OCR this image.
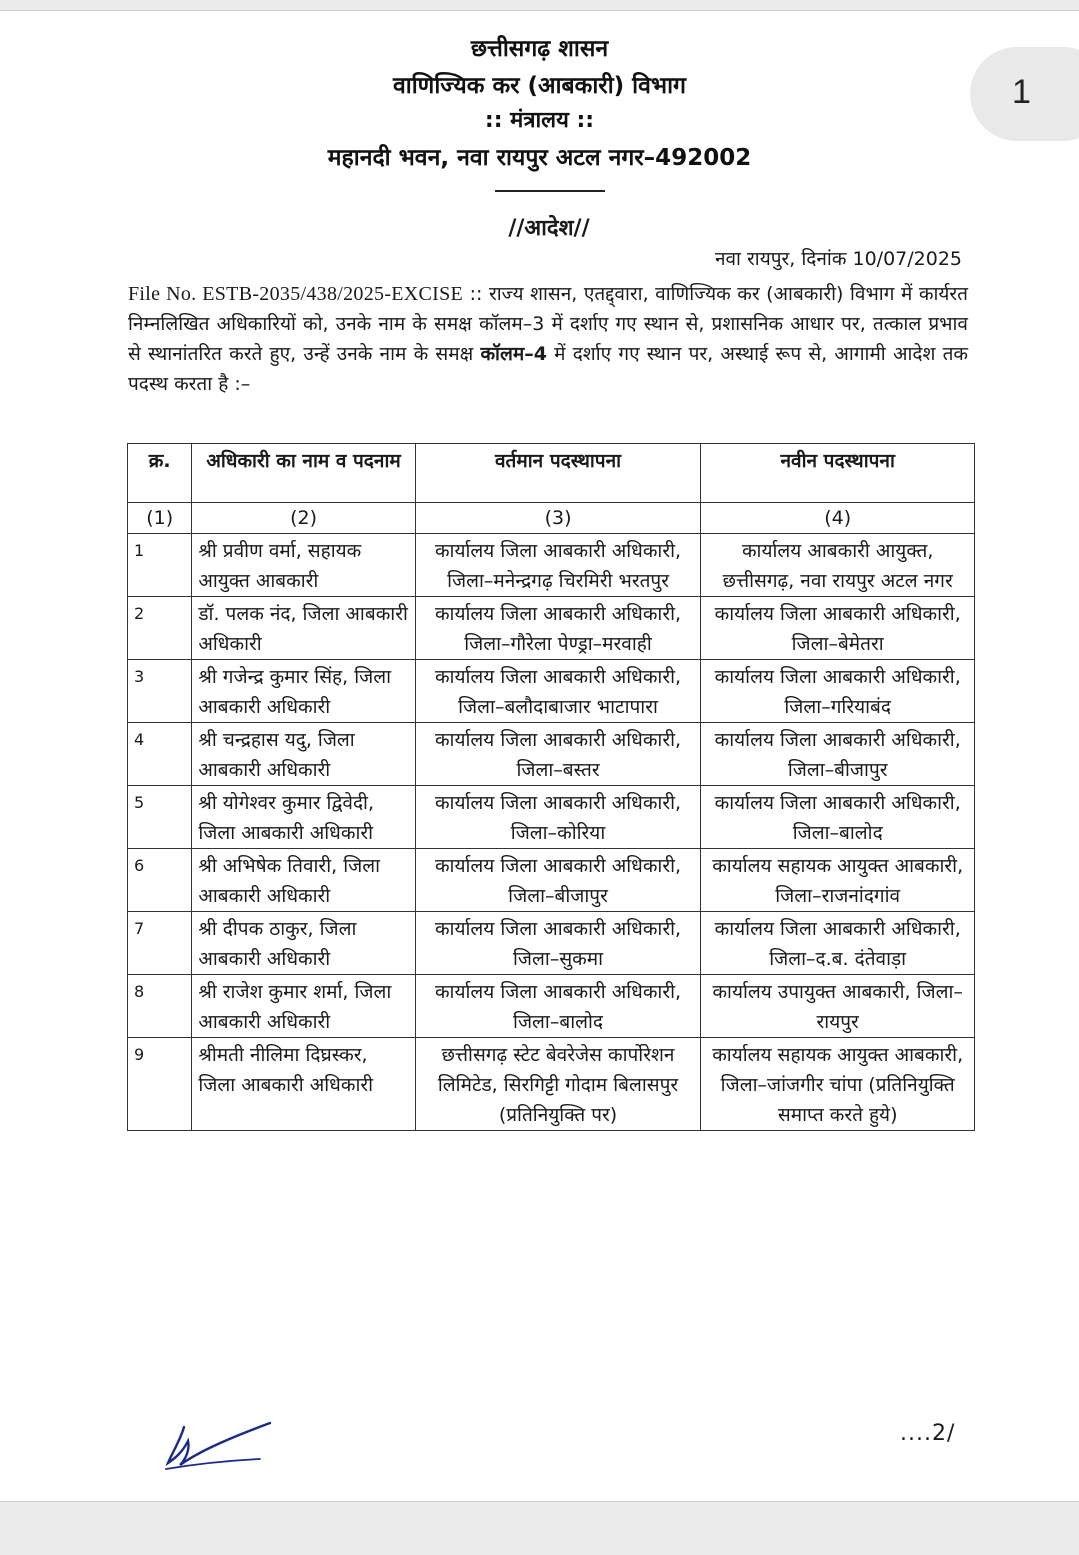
1
छत्तीसगढ़ शासन
वाणिज्यिक कर (आबकारी) विभाग
:: मंत्रालय ::
महानदी भवन, नवा रायपुर अटल नगर–492002
//आदेश//
नवा रायपुर, दिनांक 10/07/2025

File No. ESTB-2035/438/2025-EXCISE :: राज्य शासन, एतद्द्वारा, वाणिज्यिक कर (आबकारी) विभाग में कार्यरत निम्नलिखित अधिकारियों को, उनके नाम के समक्ष कॉलम–3 में दर्शाए गए स्थान से, प्रशासनिक आधार पर, तत्काल प्रभाव से स्थानांतरित करते हुए, उन्हें उनके नाम के समक्ष कॉलम–4 में दर्शाए गए स्थान पर, अस्थाई रूप से, आगामी आदेश तक पदस्थ करता है :–

क्र.	अधिकारी का नाम व पदनाम	वर्तमान पदस्थापना	नवीन पदस्थापना
(1)	(2)	(3)	(4)
1	श्री प्रवीण वर्मा, सहायक आयुक्त आबकारी	कार्यालय जिला आबकारी अधिकारी, जिला–मनेन्द्रगढ़ चिरमिरी भरतपुर	कार्यालय आबकारी आयुक्त, छत्तीसगढ़, नवा रायपुर अटल नगर
2	डॉ. पलक नंद, जिला आबकारी अधिकारी	कार्यालय जिला आबकारी अधिकारी, जिला–गौरेला पेण्ड्रा–मरवाही	कार्यालय जिला आबकारी अधिकारी, जिला–बेमेतरा
3	श्री गजेन्द्र कुमार सिंह, जिला आबकारी अधिकारी	कार्यालय जिला आबकारी अधिकारी, जिला–बलौदाबाजार भाटापारा	कार्यालय जिला आबकारी अधिकारी, जिला–गरियाबंद
4	श्री चन्द्रहास यदु, जिला आबकारी अधिकारी	कार्यालय जिला आबकारी अधिकारी, जिला–बस्तर	कार्यालय जिला आबकारी अधिकारी, जिला–बीजापुर
5	श्री योगेश्वर कुमार द्विवेदी, जिला आबकारी अधिकारी	कार्यालय जिला आबकारी अधिकारी, जिला–कोरिया	कार्यालय जिला आबकारी अधिकारी, जिला–बालोद
6	श्री अभिषेक तिवारी, जिला आबकारी अधिकारी	कार्यालय जिला आबकारी अधिकारी, जिला–बीजापुर	कार्यालय सहायक आयुक्त आबकारी, जिला–राजनांदगांव
7	श्री दीपक ठाकुर, जिला आबकारी अधिकारी	कार्यालय जिला आबकारी अधिकारी, जिला–सुकमा	कार्यालय जिला आबकारी अधिकारी, जिला–द.ब. दंतेवाड़ा
8	श्री राजेश कुमार शर्मा, जिला आबकारी अधिकारी	कार्यालय जिला आबकारी अधिकारी, जिला–बालोद	कार्यालय उपायुक्त आबकारी, जिला–रायपुर
9	श्रीमती नीलिमा दिघ्रस्कर, जिला आबकारी अधिकारी	छत्तीसगढ़ स्टेट बेवरेजेस कार्पोरेशन लिमिटेड, सिरगिट्टी गोदाम बिलासपुर (प्रतिनियुक्ति पर)	कार्यालय सहायक आयुक्त आबकारी, जिला–जांजगीर चांपा (प्रतिनियुक्ति समाप्त करते हुये)
....2/
